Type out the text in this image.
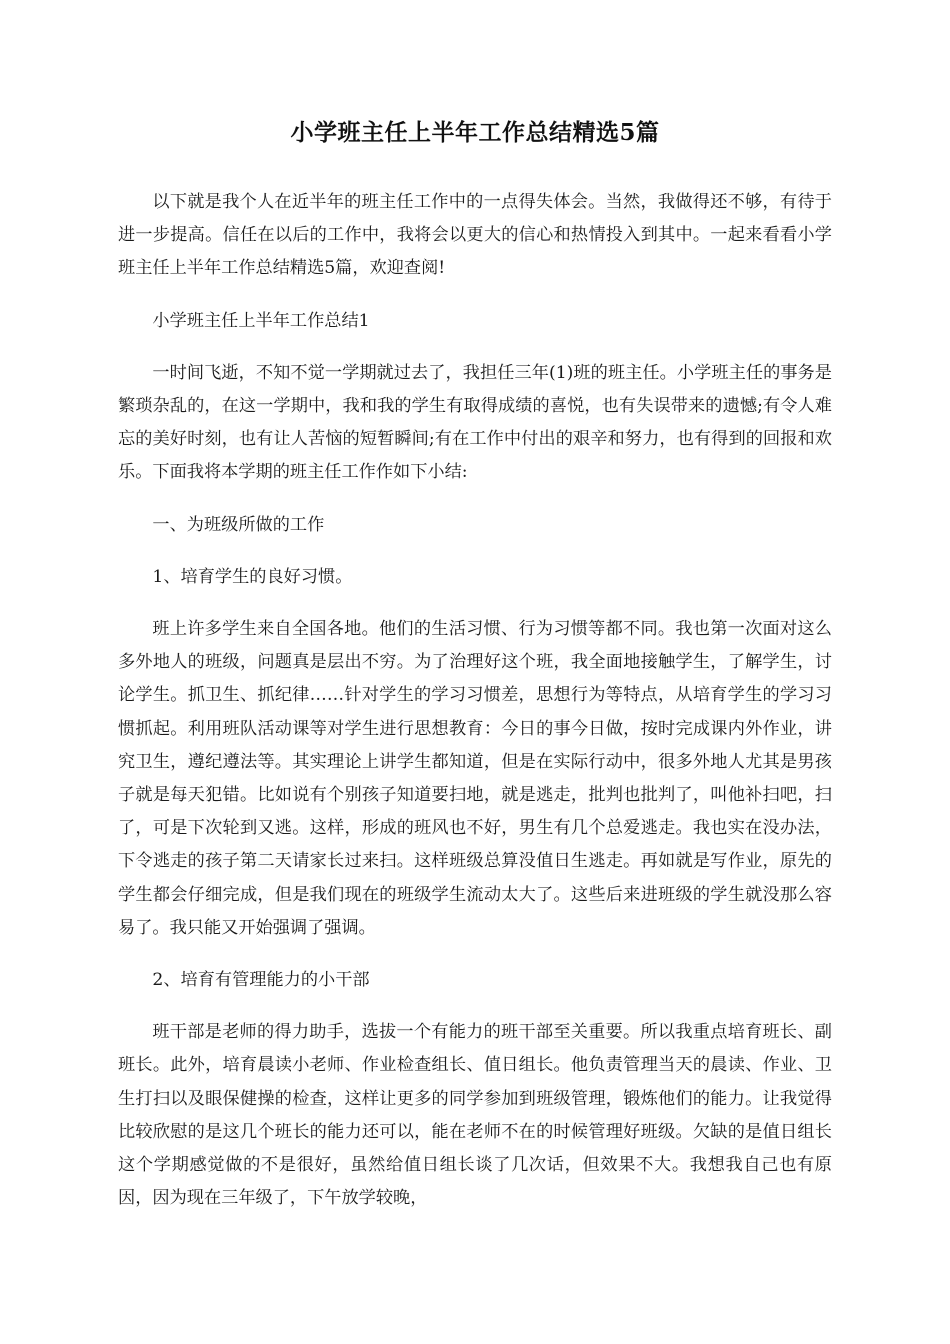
小学班主任上半年工作总结精选5篇

以下就是我个人在近半年的班主任工作中的一点得失体会。当然，我做得还不够，有待于进一步提高。信任在以后的工作中，我将会以更大的信心和热情投入到其中。一起来看看小学班主任上半年工作总结精选5篇，欢迎查阅!

小学班主任上半年工作总结1

一时间飞逝，不知不觉一学期就过去了，我担任三年(1)班的班主任。小学班主任的事务是繁琐杂乱的，在这一学期中，我和我的学生有取得成绩的喜悦，也有失误带来的遗憾;有令人难忘的美好时刻，也有让人苦恼的短暂瞬间;有在工作中付出的艰辛和努力，也有得到的回报和欢乐。下面我将本学期的班主任工作作如下小结:

一、为班级所做的工作

1、培育学生的良好习惯。

班上许多学生来自全国各地。他们的生活习惯、行为习惯等都不同。我也第一次面对这么多外地人的班级，问题真是层出不穷。为了治理好这个班，我全面地接触学生，了解学生，讨论学生。抓卫生、抓纪律……针对学生的学习习惯差，思想行为等特点，从培育学生的学习习惯抓起。利用班队活动课等对学生进行思想教育：今日的事今日做，按时完成课内外作业，讲究卫生，遵纪遵法等。其实理论上讲学生都知道，但是在实际行动中，很多外地人尤其是男孩子就是每天犯错。比如说有个别孩子知道要扫地，就是逃走，批判也批判了，叫他补扫吧，扫了，可是下次轮到又逃。这样，形成的班风也不好，男生有几个总爱逃走。我也实在没办法，下令逃走的孩子第二天请家长过来扫。这样班级总算没值日生逃走。再如就是写作业，原先的学生都会仔细完成，但是我们现在的班级学生流动太大了。这些后来进班级的学生就没那么容易了。我只能又开始强调了强调。

2、培育有管理能力的小干部

班干部是老师的得力助手，选拔一个有能力的班干部至关重要。所以我重点培育班长、副班长。此外，培育晨读小老师、作业检查组长、值日组长。他负责管理当天的晨读、作业、卫生打扫以及眼保健操的检查，这样让更多的同学参加到班级管理，锻炼他们的能力。让我觉得比较欣慰的是这几个班长的能力还可以，能在老师不在的时候管理好班级。欠缺的是值日组长这个学期感觉做的不是很好，虽然给值日组长谈了几次话，但效果不大。我想我自己也有原因，因为现在三年级了，下午放学较晚，
